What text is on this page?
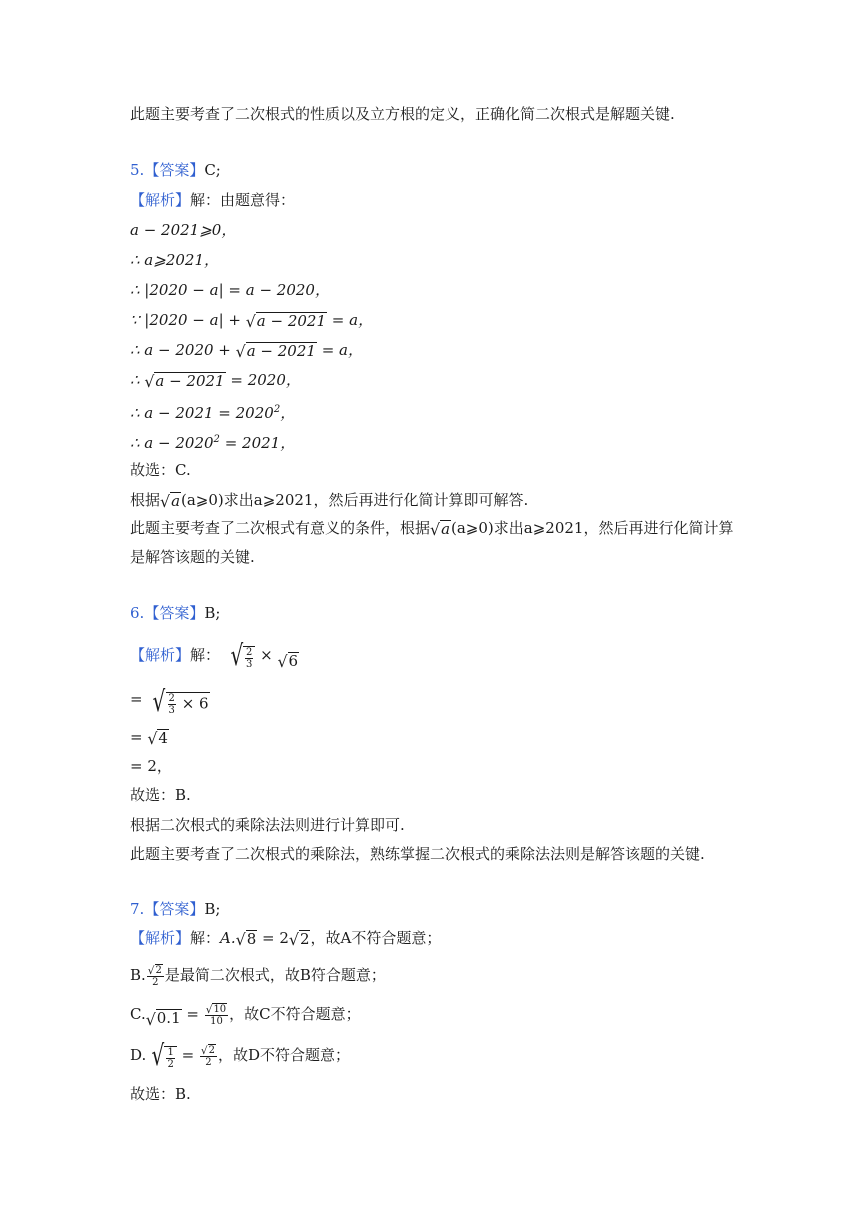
此题主要考查了二次根式的性质以及立方根的定义，正确化简二次根式是解题关键.
5.【答案】C;
【解析】解：由题意得：
a − 2021⩾0，
∴ a⩾2021，
∴ |2020 − a| = a − 2020，
∵ |2020 − a| + √ a − 2021 = a，
∴ a − 2020 + √ a − 2021 = a，
∴ √ a − 2021 = 2020，
∴ $a - 2021 = 2020^2$，
∴ $a - 2020^2 = 2021$，
故选：C.
根据 √ a (a⩾0)求出a⩾2021，然后再进行化简计算即可解答.
此题主要考查了二次根式有意义的条件，根据 √ a (a⩾0)求出a⩾2021，然后再进行化简计算
是解答该题的关键.
6.【答案】B;
【解析】解： √ $\frac{2}{3}$ × √ 6
= √ $\frac{2}{3} \times 6$
= √ 4
= 2，
故选：B.
根据二次根式的乘除法法则进行计算即可.
此题主要考查了二次根式的乘除法，熟练掌握二次根式的乘除法法则是解答该题的关键.
7.【答案】B;
【解析】解：A. √ 8 = 2 √ 2 ，故A不符合题意；
B. $\frac{√ 2}{2}$ 是最简二次根式，故B符合题意；
C. √ $0.1 = \frac{√ 10}{10}$ ，故C不符合题意；
D. √ $\frac{1}{2} = \frac{√ 2}{2}$ ，故D不符合题意；
故选：B.
